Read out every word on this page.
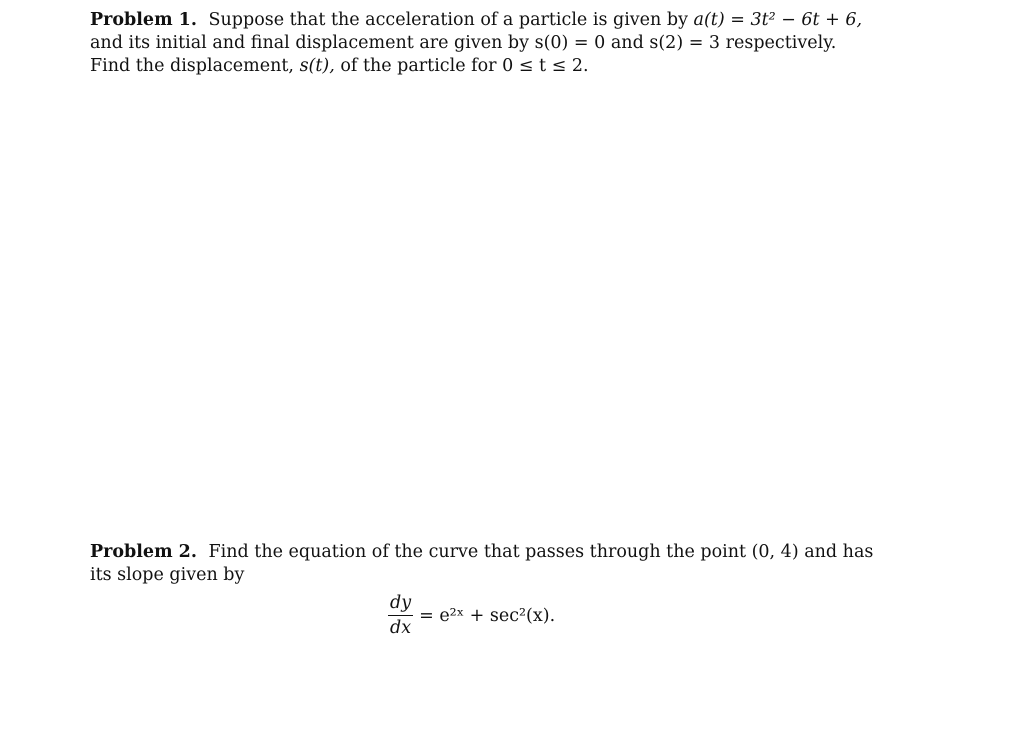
Problem 1. Suppose that the acceleration of a particle is given by a(t) = 3t² − 6t + 6,
and its initial and final displacement are given by s(0) = 0 and s(2) = 3 respectively.
Find the displacement, s(t), of the particle for 0 ≤ t ≤ 2.
Problem 2. Find the equation of the curve that passes through the point (0, 4) and has
its slope given by
$\frac{dy}{dx}$ = e²ˣ + sec²(x).
